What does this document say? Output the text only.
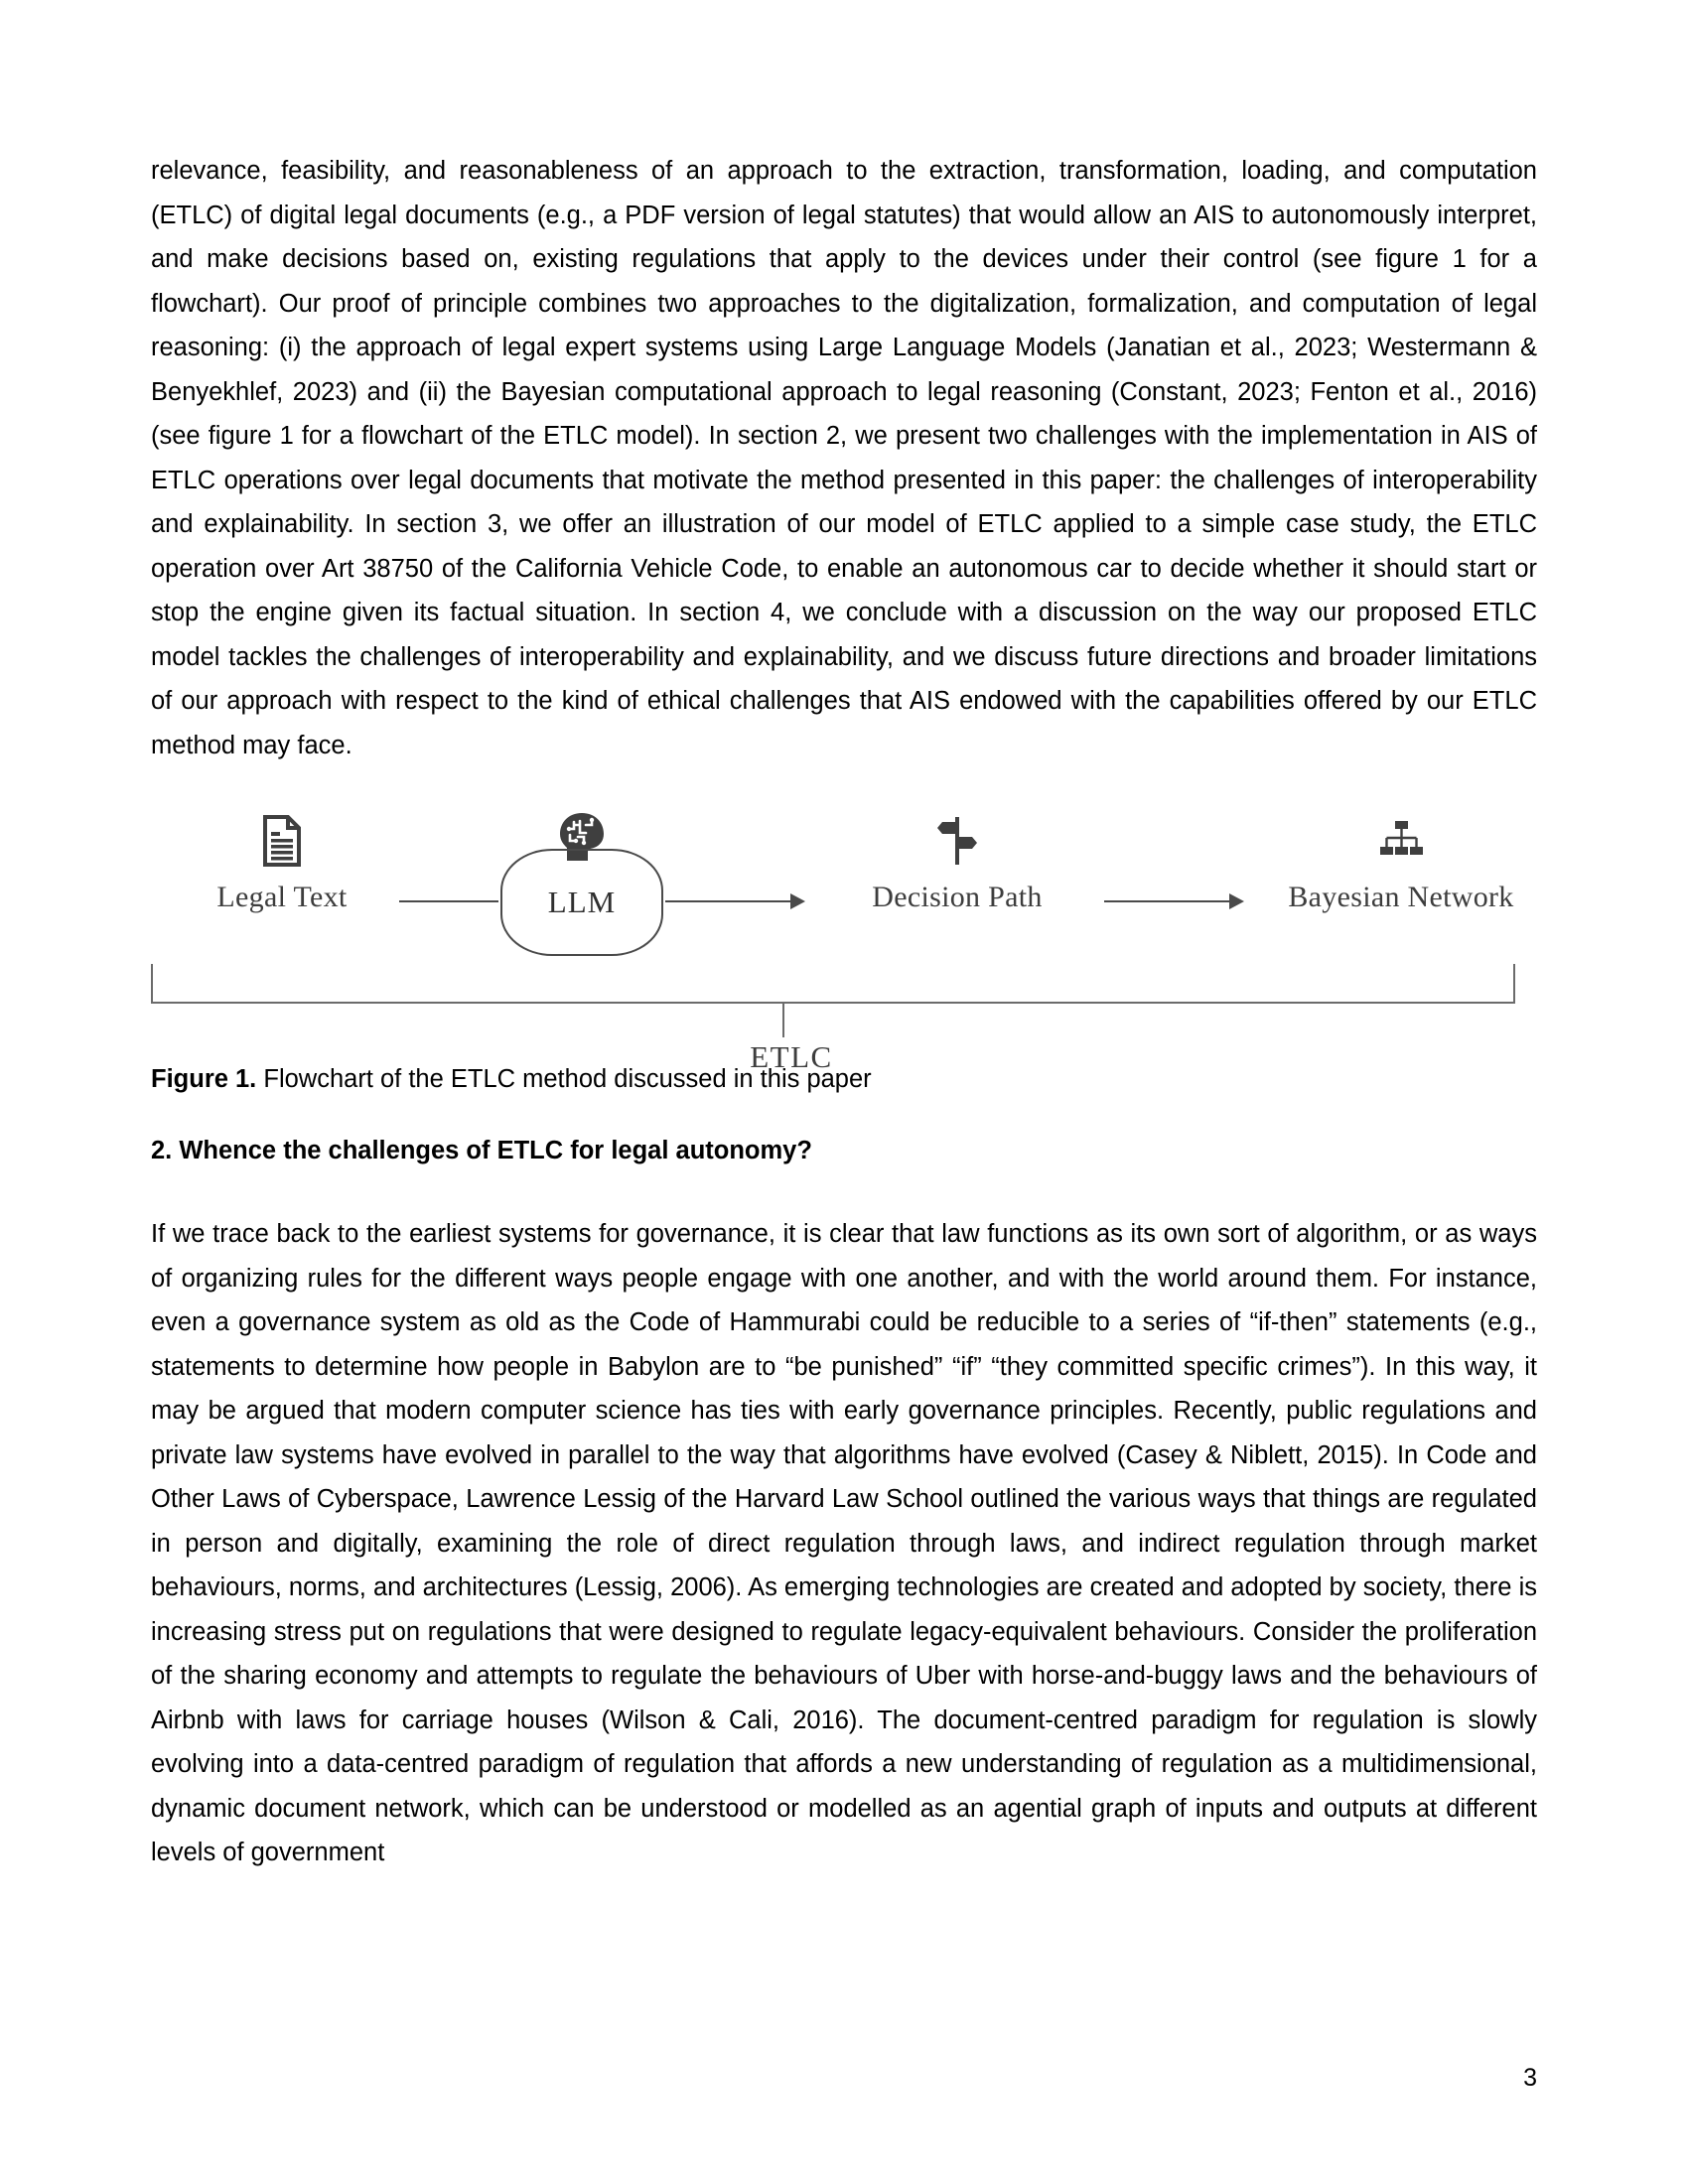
relevance, feasibility, and reasonableness of an approach to the extraction, transformation, loading, and computation (ETLC) of digital legal documents (e.g., a PDF version of legal statutes) that would allow an AIS to autonomously interpret, and make decisions based on, existing regulations that apply to the devices under their control (see figure 1 for a flowchart). Our proof of principle combines two approaches to the digitalization, formalization, and computation of legal reasoning: (i) the approach of legal expert systems using Large Language Models (Janatian et al., 2023; Westermann & Benyekhlef, 2023) and (ii) the Bayesian computational approach to legal reasoning (Constant, 2023; Fenton et al., 2016) (see figure 1 for a flowchart of the ETLC model). In section 2, we present two challenges with the implementation in AIS of ETLC operations over legal documents that motivate the method presented in this paper: the challenges of interoperability and explainability. In section 3, we offer an illustration of our model of ETLC applied to a simple case study, the ETLC operation over Art 38750 of the California Vehicle Code, to enable an autonomous car to decide whether it should start or stop the engine given its factual situation. In section 4, we conclude with a discussion on the way our proposed ETLC model tackles the challenges of interoperability and explainability, and we discuss future directions and broader limitations of our approach with respect to the kind of ethical challenges that AIS endowed with the capabilities offered by our ETLC method may face.

Legal Text	LLM	Decision Path	Bayesian Network
ETLC
Figure 1. Flowchart of the ETLC method discussed in this paper
2. Whence the challenges of ETLC for legal autonomy?

If we trace back to the earliest systems for governance, it is clear that law functions as its own sort of algorithm, or as ways of organizing rules for the different ways people engage with one another, and with the world around them. For instance, even a governance system as old as the Code of Hammurabi could be reducible to a series of “if-then” statements (e.g., statements to determine how people in Babylon are to “be punished” “if” “they committed specific crimes”). In this way, it may be argued that modern computer science has ties with early governance principles. Recently, public regulations and private law systems have evolved in parallel to the way that algorithms have evolved (Casey & Niblett, 2015). In Code and Other Laws of Cyberspace, Lawrence Lessig of the Harvard Law School outlined the various ways that things are regulated in person and digitally, examining the role of direct regulation through laws, and indirect regulation through market behaviours, norms, and architectures (Lessig, 2006). As emerging technologies are created and adopted by society, there is increasing stress put on regulations that were designed to regulate legacy-equivalent behaviours. Consider the proliferation of the sharing economy and attempts to regulate the behaviours of Uber with horse-and-buggy laws and the behaviours of Airbnb with laws for carriage houses (Wilson & Cali, 2016). The document-centred paradigm for regulation is slowly evolving into a data-centred paradigm of regulation that affords a new understanding of regulation as a multidimensional, dynamic document network, which can be understood or modelled as an agential graph of inputs and outputs at different levels of government

3
